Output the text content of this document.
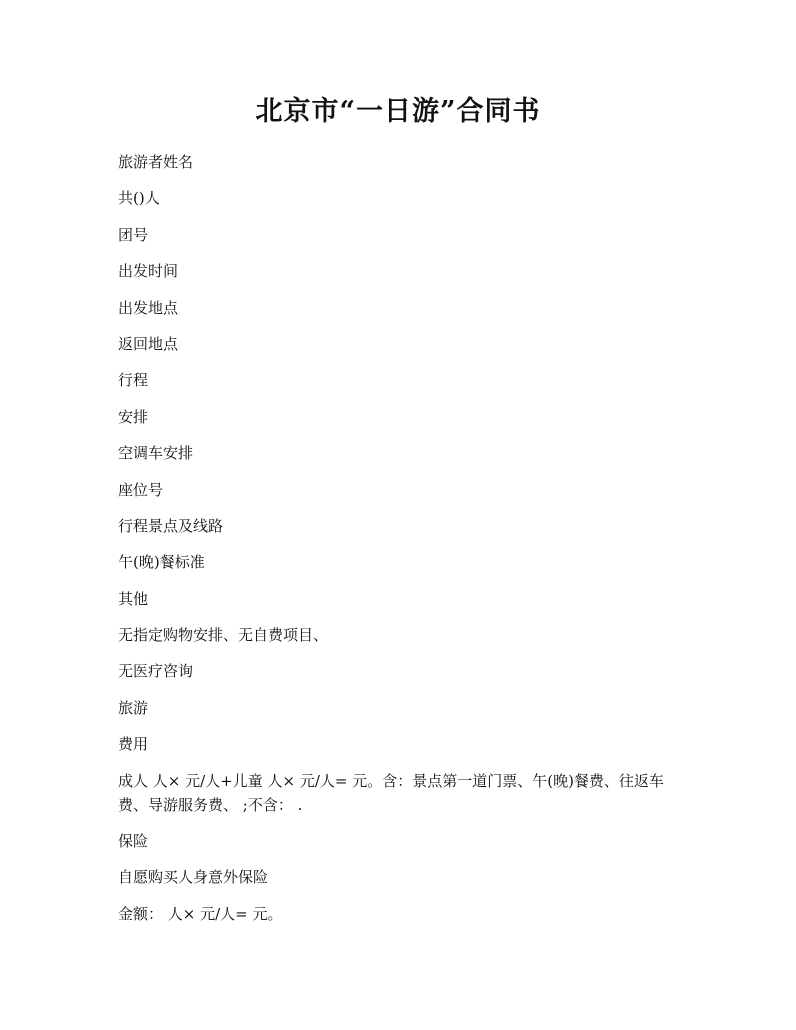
北京市“一日游”合同书
旅游者姓名
共()人
团号
出发时间
出发地点
返回地点
行程
安排
空调车安排
座位号
行程景点及线路
午(晚)餐标准
其他
无指定购物安排、无自费项目、
无医疗咨询
旅游
费用
成人 人× 元/人+儿童 人× 元/人= 元。含：景点第一道门票、午(晚)餐费、往返车费、导游服务费、 ;不含： .
保险
自愿购买人身意外保险
金额： 人× 元/人= 元。
